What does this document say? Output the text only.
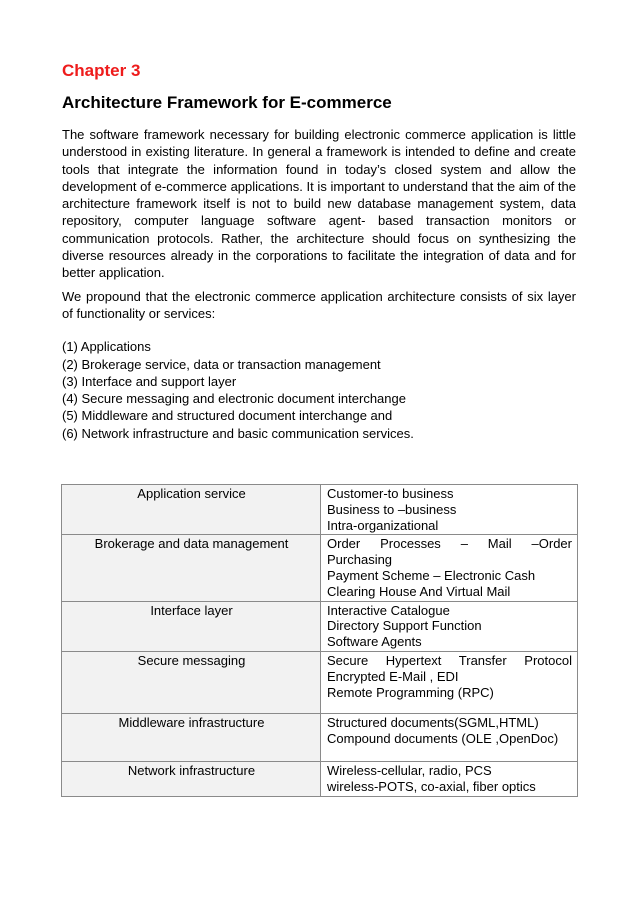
Chapter 3
Architecture Framework for E-commerce

The software framework necessary for building electronic commerce application is little understood in existing literature. In general a framework is intended to define and create tools that integrate the information found in today’s closed system and allow the development of e-commerce applications. It is important to understand that the aim of the architecture framework itself is not to build new database management system, data repository, computer language software agent- based transaction monitors or communication protocols. Rather, the architecture should focus on synthesizing the diverse resources already in the corporations to facilitate the integration of data and for better application.

We propound that the electronic commerce application architecture consists of six layer of functionality or services:

(1) Applications
(2) Brokerage service, data or transaction management
(3) Interface and support layer
(4) Secure messaging and electronic document interchange
(5) Middleware and structured document interchange and
(6) Network infrastructure and basic communication services.
Application service	Customer-to business
Business to –business
Intra-organizational

Brokerage and data management	Order Processes – Mail –Order
Purchasing
Payment Scheme – Electronic Cash
Clearing House And Virtual Mail

Interface layer	Interactive Catalogue
Directory Support Function
Software Agents

Secure messaging	Secure Hypertext Transfer Protocol
Encrypted E-Mail , EDI
Remote Programming (RPC)

Middleware infrastructure	Structured documents(SGML,HTML)
Compound documents (OLE ,OpenDoc)

Network infrastructure	Wireless-cellular, radio, PCS
wireless-POTS, co-axial, fiber optics
